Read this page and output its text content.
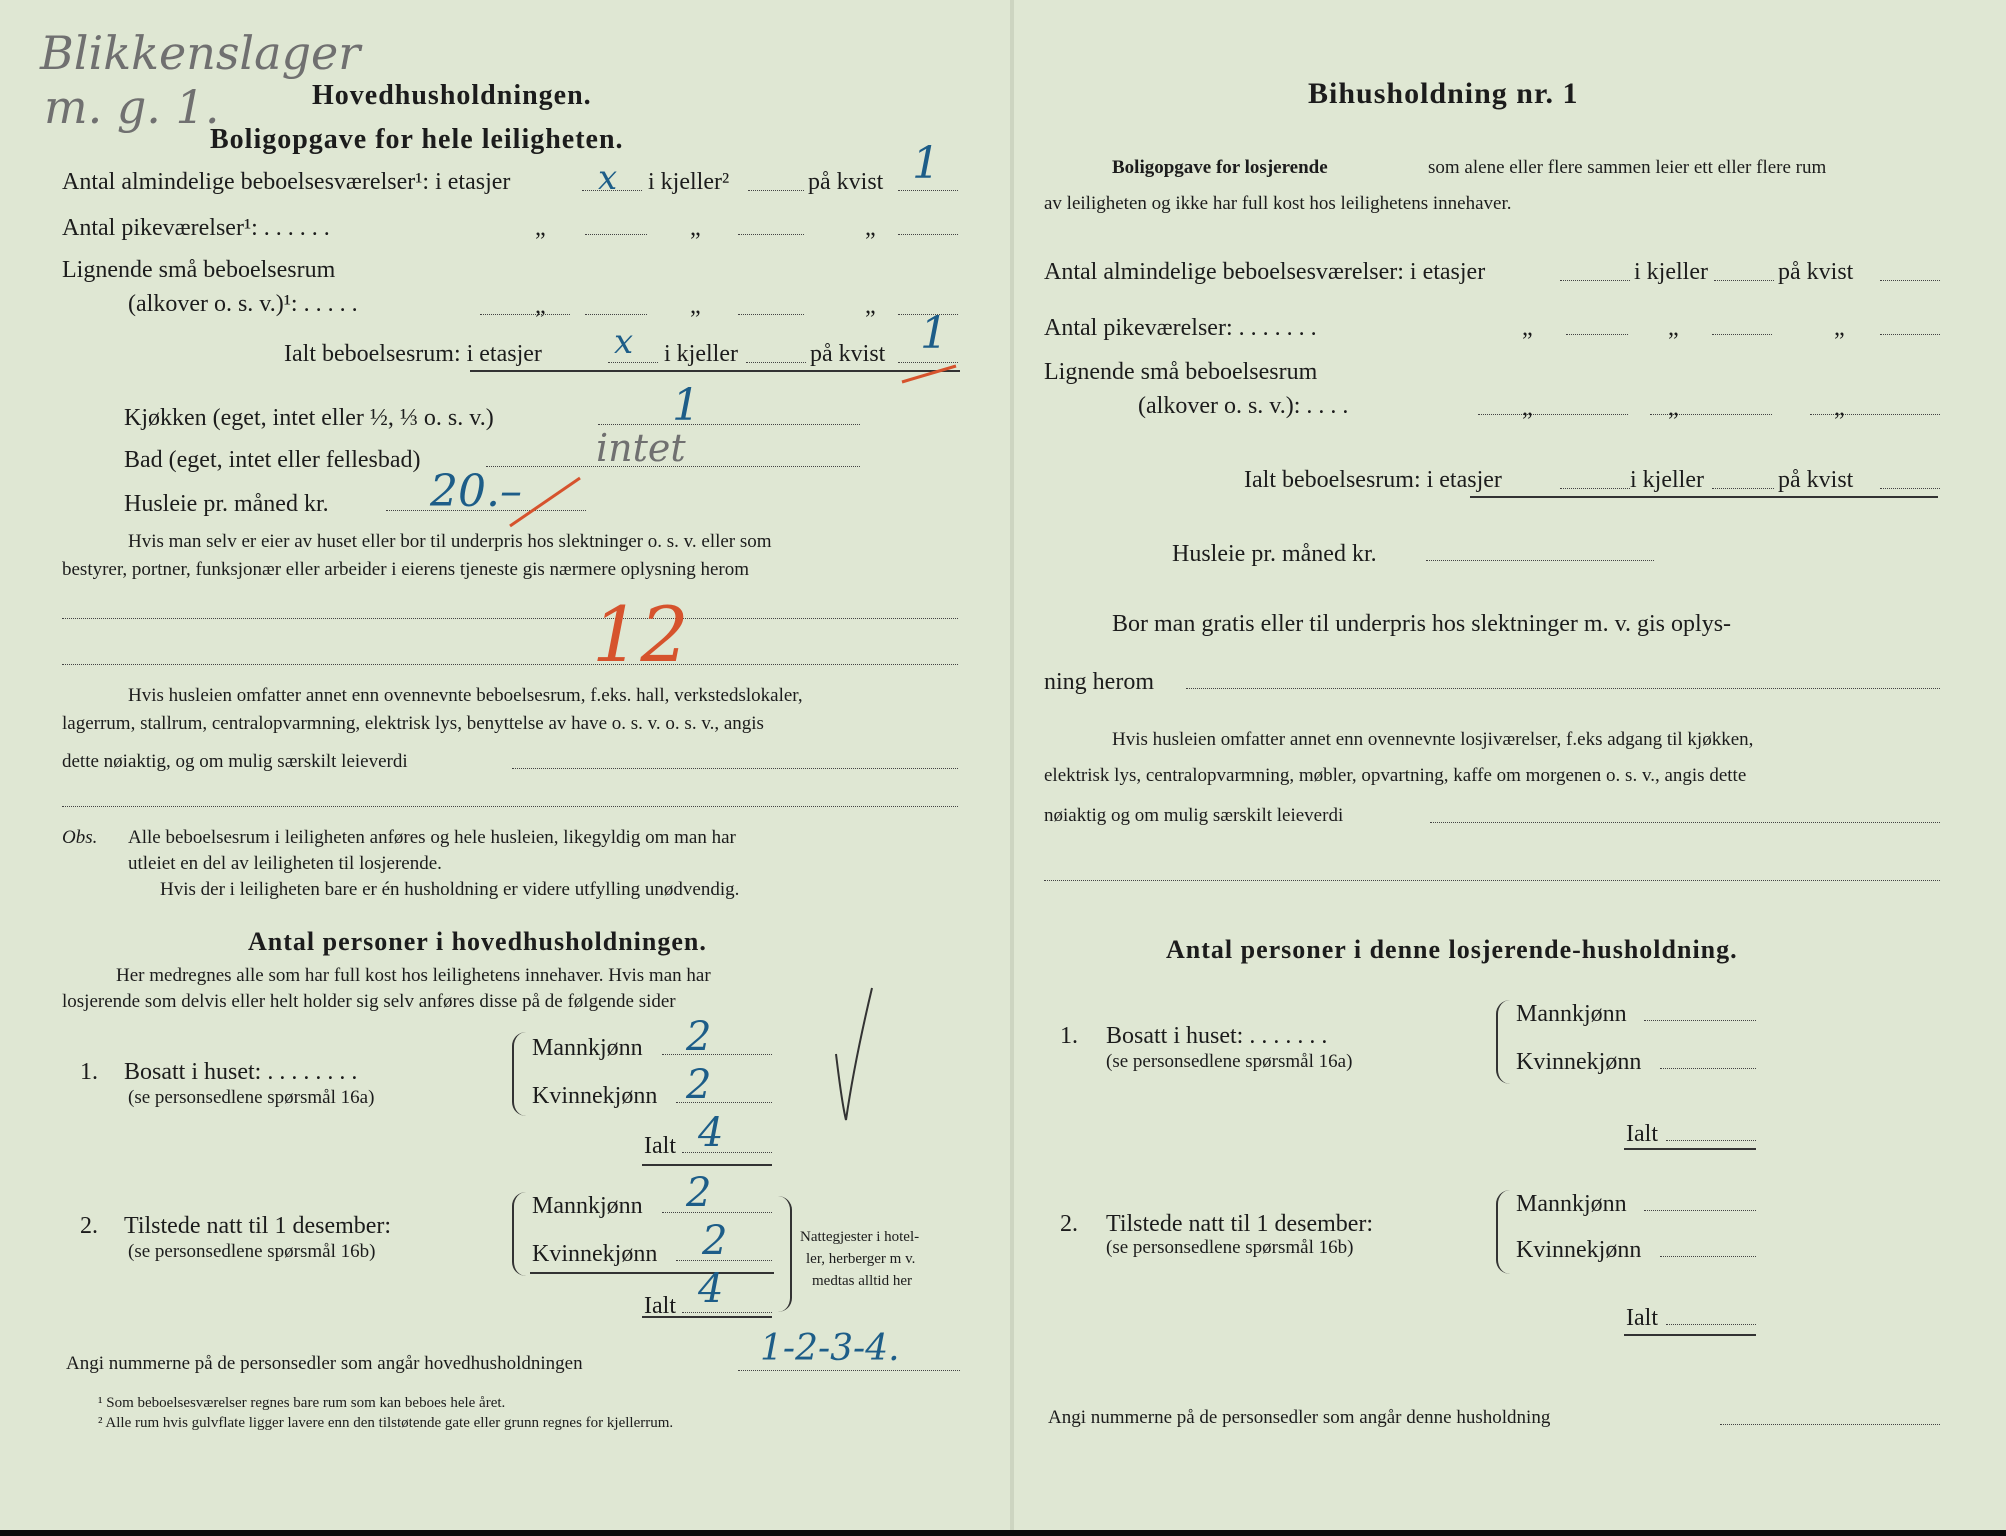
Blikkenslager
m. g. 1.	Hovedhusholdningen.
Boligopgave for hele leiligheten.
Antal almindelige beboelsesværelser¹: i etasjer	x i kjeller²	på kvist 1
Antal pikeværelser¹: . . . . . .	„	„	„
Lignende små beboelsesrum
(alkover o. s. v.)¹: . . . . .	„	„	„
Ialt beboelsesrum: i etasjer x i kjeller	på kvist 1
Kjøkken (eget, intet eller ½, ⅓ o. s. v.)	1
Bad (eget, intet eller fellesbad)	intet
Husleie pr. måned kr. 20.–
Hvis man selv er eier av huset eller bor til underpris hos slektninger o. s. v. eller som
bestyrer, portner, funksjonær eller arbeider i eierens tjeneste gis nærmere oplysning herom
12
Hvis husleien omfatter annet enn ovennevnte beboelsesrum, f.eks. hall, verkstedslokaler,
lagerrum, stallrum, centralopvarmning, elektrisk lys, benyttelse av have o. s. v. o. s. v., angis
dette nøiaktig, og om mulig særskilt leieverdi
Obs. Alle beboelsesrum i leiligheten anføres og hele husleien, likegyldig om man har
utleiet en del av leiligheten til losjerende.
Hvis der i leiligheten bare er én husholdning er videre utfylling unødvendig.
Antal personer i hovedhusholdningen.
Her medregnes alle som har full kost hos leilighetens innehaver. Hvis man har
losjerende som delvis eller helt holder sig selv anføres disse på de følgende sider
1. Bosatt i huset: . . . . . . . .
(se personsedlene spørsmål 16a)
Mannkjønn 2
Kvinnekjønn 2
Ialt 4
2. Tilstede natt til 1 desember:
(se personsedlene spørsmål 16b)
Mannkjønn 2
Kvinnekjønn 2
Ialt 4
Nattegjester i hotel-
ler, herberger m v.
medtas alltid her
Angi nummerne på de personsedler som angår hovedhusholdningen	1-2-3-4.
¹ Som beboelsesværelser regnes bare rum som kan beboes hele året.
² Alle rum hvis gulvflate ligger lavere enn den tilstøtende gate eller grunn regnes for kjellerrum.
Bihusholdning nr. 1
Boligopgave for losjerende	som alene eller flere sammen leier ett eller flere rum
av leiligheten og ikke har full kost hos leilighetens innehaver.
Antal almindelige beboelsesværelser: i etasjer	i kjeller	på kvist
Antal pikeværelser: . . . . . . .	„	„	„
Lignende små beboelsesrum
(alkover o. s. v.): . . . .	„	„	„
Ialt beboelsesrum: i etasjer	i kjeller	på kvist
Husleie pr. måned kr.
Bor man gratis eller til underpris hos slektninger m. v. gis oplys-
ning herom
Hvis husleien omfatter annet enn ovennevnte losjiværelser, f.eks adgang til kjøkken,
elektrisk lys, centralopvarmning, møbler, opvartning, kaffe om morgenen o. s. v., angis dette
nøiaktig og om mulig særskilt leieverdi
Antal personer i denne losjerende-husholdning.
1. Bosatt i huset: . . . . . . .
(se personsedlene spørsmål 16a)
Mannkjønn
Kvinnekjønn
Ialt
2. Tilstede natt til 1 desember:
(se personsedlene spørsmål 16b)
Mannkjønn
Kvinnekjønn
Ialt
Angi nummerne på de personsedler som angår denne husholdning
